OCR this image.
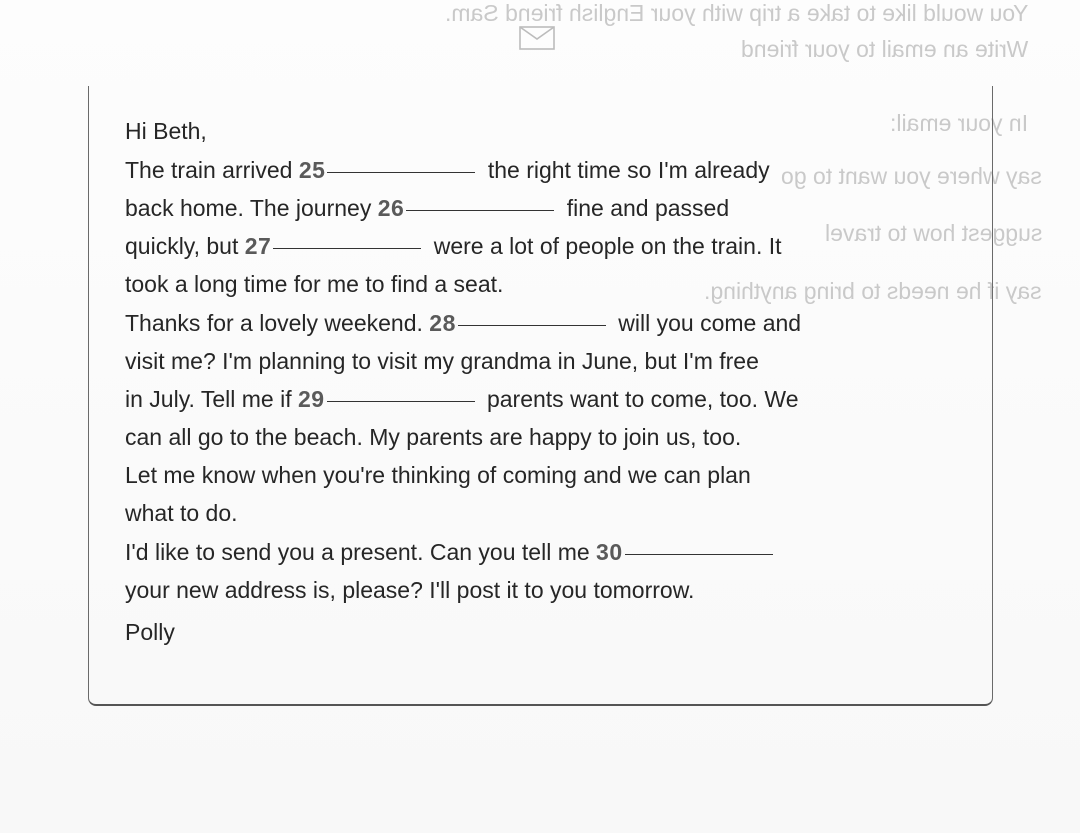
You would like to take a trip with your English friend Sam.
Write an email to your friend
In your email:
say where you want to go
suggest how to travel
say if he needs to bring anything.

Hi Beth,

The train arrived 25	the right time so I'm already
back home. The journey 26	fine and passed
quickly, but 27	were a lot of people on the train. It
took a long time for me to find a seat.

Thanks for a lovely weekend. 28	will you come and
visit me? I'm planning to visit my grandma in June, but I'm free
in July. Tell me if 29	parents want to come, too. We
can all go to the beach. My parents are happy to join us, too.
Let me know when you're thinking of coming and we can plan
what to do.

I'd like to send you a present. Can you tell me 30
your new address is, please? I'll post it to you tomorrow.

Polly
